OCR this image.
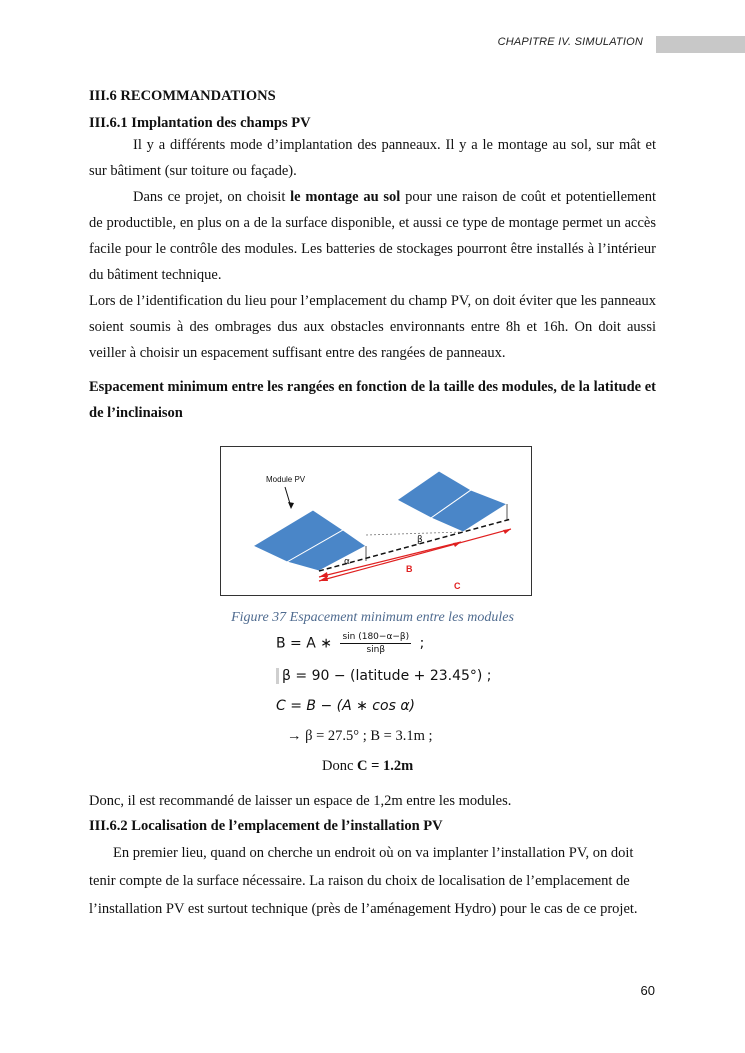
CHAPITRE IV. SIMULATION
III.6 RECOMMANDATIONS
III.6.1 Implantation des champs PV

Il y a différents mode d’implantation des panneaux. Il y a le montage au sol, sur mât et sur bâtiment (sur toiture ou façade).

Dans ce projet, on choisit le montage au sol pour une raison de coût et potentiellement de productible, en plus on a de la surface disponible, et aussi ce type de montage permet un accès facile pour le contrôle des modules. Les batteries de stockages pourront être installés à l’intérieur du bâtiment technique.

Lors de l’identification du lieu pour l’emplacement du champ PV, on doit éviter que les panneaux soient soumis à des ombrages dus aux obstacles environnants entre 8h et 16h. On doit aussi veiller à choisir un espacement suffisant entre des rangées de panneaux.

Espacement minimum entre les rangées en fonction de la taille des modules, de la latitude et de l’inclinaison
Module PV
α
β
B
C
Figure 37 Espacement minimum entre les modules
B = A ∗ $\frac{\sin (180-\alpha-\beta)}{\sin\beta}$ ;
β = 90 − (latitude + 23.45°) ;
C = B − (A ∗ cos α)
→ β = 27.5° ; B = 3.1m ;
Donc C = 1.2m

Donc, il est recommandé de laisser un espace de 1,2m entre les modules.

III.6.2 Localisation de l’emplacement de l’installation PV

En premier lieu, quand on cherche un endroit où on va implanter l’installation PV, on doit tenir compte de la surface nécessaire. La raison du choix de localisation de l’emplacement de l’installation PV est surtout technique (près de l’aménagement Hydro) pour le cas de ce projet.

60
